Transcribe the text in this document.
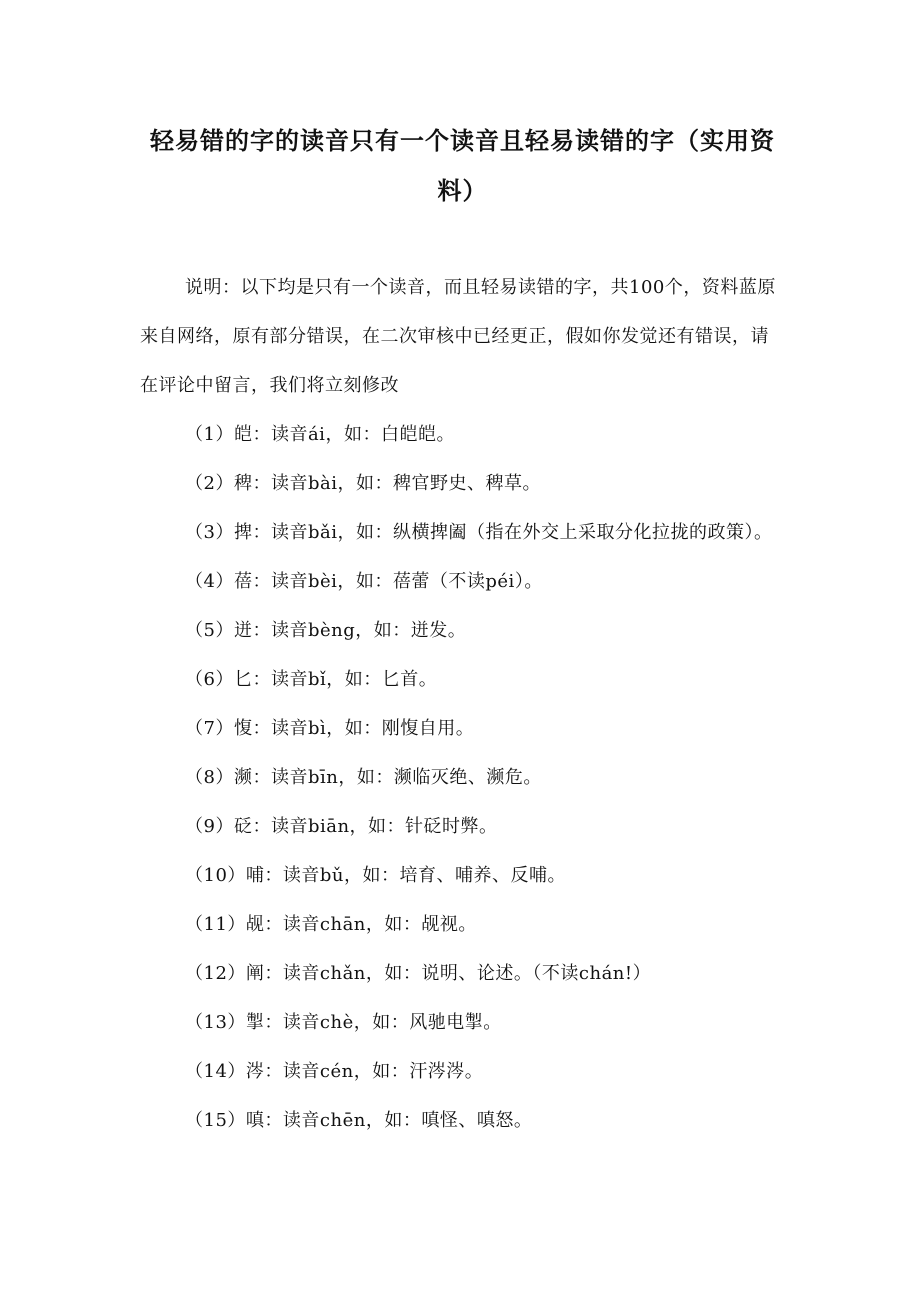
轻易错的字的读音只有一个读音且轻易读错的字（实用资料）

说明：以下均是只有一个读音，而且轻易读错的字，共100个，资料蓝原来自网络，原有部分错误，在二次审核中已经更正，假如你发觉还有错误，请在评论中留言，我们将立刻修改

（1）皑：读音ái，如：白皑皑。

（2）稗：读音bài，如：稗官野史、稗草。

（3）捭：读音bǎi，如：纵横捭阖（指在外交上采取分化拉拢的政策）。

（4）蓓：读音bèi，如：蓓蕾（不读péi）。

（5）迸：读音bèng，如：迸发。

（6）匕：读音bǐ，如：匕首。

（7）愎：读音bì，如：刚愎自用。

（8）濒：读音bīn，如：濒临灭绝、濒危。

（9）砭：读音biān，如：针砭时弊。

（10）哺：读音bǔ，如：培育、哺养、反哺。

（11）觇：读音chān，如：觇视。

（12）阐：读音chǎn，如：说明、论述。（不读chán!）

（13）掣：读音chè，如：风驰电掣。

（14）涔：读音cén，如：汗涔涔。

（15）嗔：读音chēn，如：嗔怪、嗔怒。
